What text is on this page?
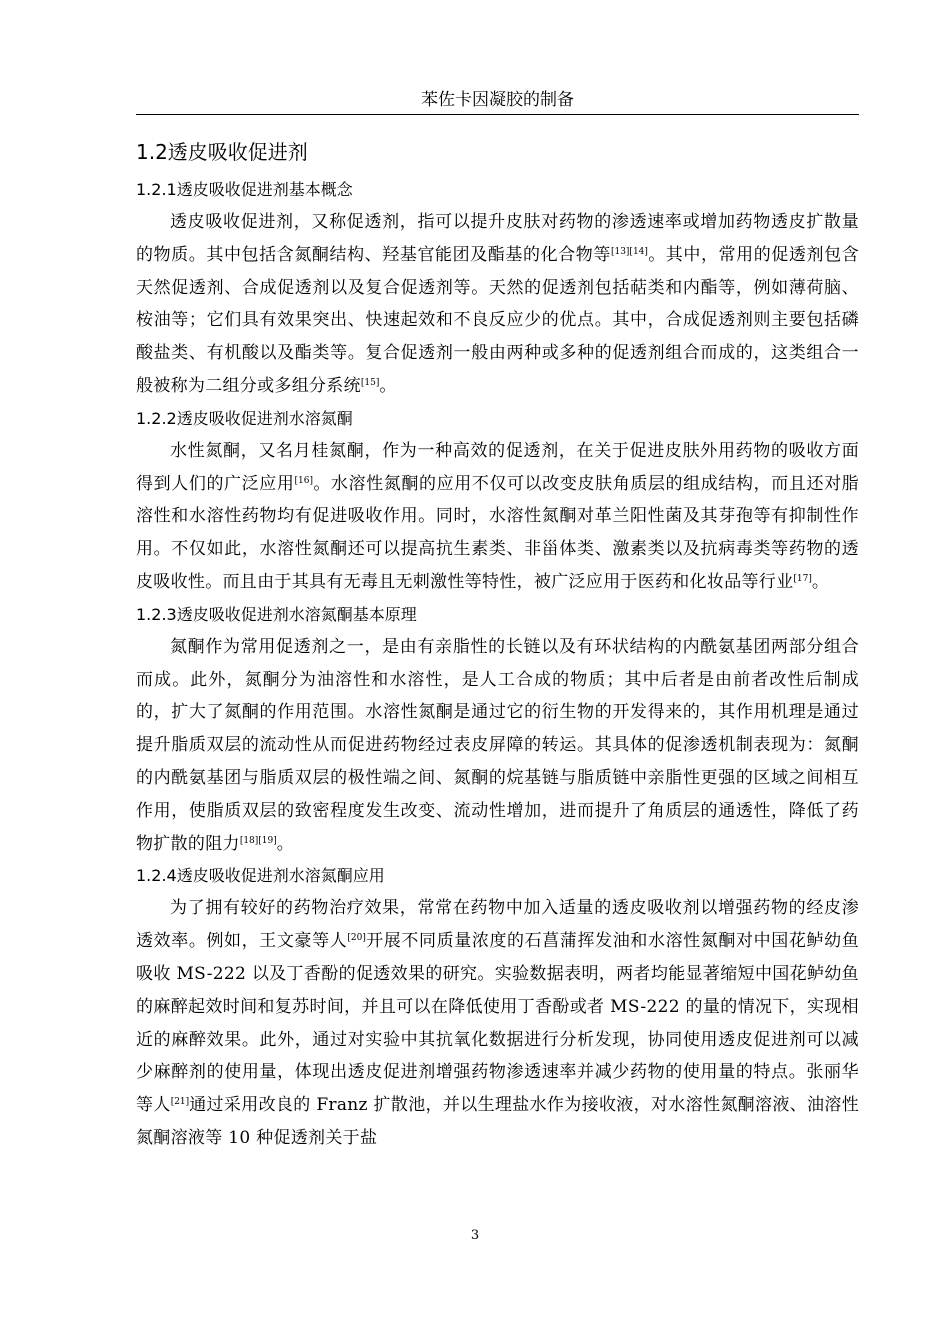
苯佐卡因凝胶的制备
1.2透皮吸收促进剂
1.2.1透皮吸收促进剂基本概念

透皮吸收促进剂，又称促透剂，指可以提升皮肤对药物的渗透速率或增加药物透皮扩散量的物质。其中包括含氮酮结构、羟基官能团及酯基的化合物等[13][14]。其中，常用的促透剂包含天然促透剂、合成促透剂以及复合促透剂等。天然的促透剂包括萜类和内酯等，例如薄荷脑、桉油等；它们具有效果突出、快速起效和不良反应少的优点。其中，合成促透剂则主要包括磷酸盐类、有机酸以及酯类等。复合促透剂一般由两种或多种的促透剂组合而成的，这类组合一般被称为二组分或多组分系统[15]。

1.2.2透皮吸收促进剂水溶氮酮

水性氮酮，又名月桂氮酮，作为一种高效的促透剂，在关于促进皮肤外用药物的吸收方面得到人们的广泛应用[16]。水溶性氮酮的应用不仅可以改变皮肤角质层的组成结构，而且还对脂溶性和水溶性药物均有促进吸收作用。同时，水溶性氮酮对革兰阳性菌及其芽孢等有抑制性作用。不仅如此，水溶性氮酮还可以提高抗生素类、非甾体类、激素类以及抗病毒类等药物的透皮吸收性。而且由于其具有无毒且无刺激性等特性，被广泛应用于医药和化妆品等行业[17]。

1.2.3透皮吸收促进剂水溶氮酮基本原理

氮酮作为常用促透剂之一，是由有亲脂性的长链以及有环状结构的内酰氨基团两部分组合而成。此外，氮酮分为油溶性和水溶性，是人工合成的物质；其中后者是由前者改性后制成的，扩大了氮酮的作用范围。水溶性氮酮是通过它的衍生物的开发得来的，其作用机理是通过提升脂质双层的流动性从而促进药物经过表皮屏障的转运。其具体的促渗透机制表现为：氮酮的内酰氨基团与脂质双层的极性端之间、氮酮的烷基链与脂质链中亲脂性更强的区域之间相互作用，使脂质双层的致密程度发生改变、流动性增加，进而提升了角质层的通透性，降低了药物扩散的阻力[18][19]。

1.2.4透皮吸收促进剂水溶氮酮应用

为了拥有较好的药物治疗效果，常常在药物中加入适量的透皮吸收剂以增强药物的经皮渗透效率。例如，王文豪等人[20]开展不同质量浓度的石菖蒲挥发油和水溶性氮酮对中国花鲈幼鱼吸收 MS-222 以及丁香酚的促透效果的研究。实验数据表明，两者均能显著缩短中国花鲈幼鱼的麻醉起效时间和复苏时间，并且可以在降低使用丁香酚或者 MS-222 的量的情况下，实现相近的麻醉效果。此外，通过对实验中其抗氧化数据进行分析发现，协同使用透皮促进剂可以减少麻醉剂的使用量，体现出透皮促进剂增强药物渗透速率并减少药物的使用量的特点。张丽华等人[21]通过采用改良的 Franz 扩散池，并以生理盐水作为接收液，对水溶性氮酮溶液、油溶性氮酮溶液等 10 种促透剂关于盐

3
